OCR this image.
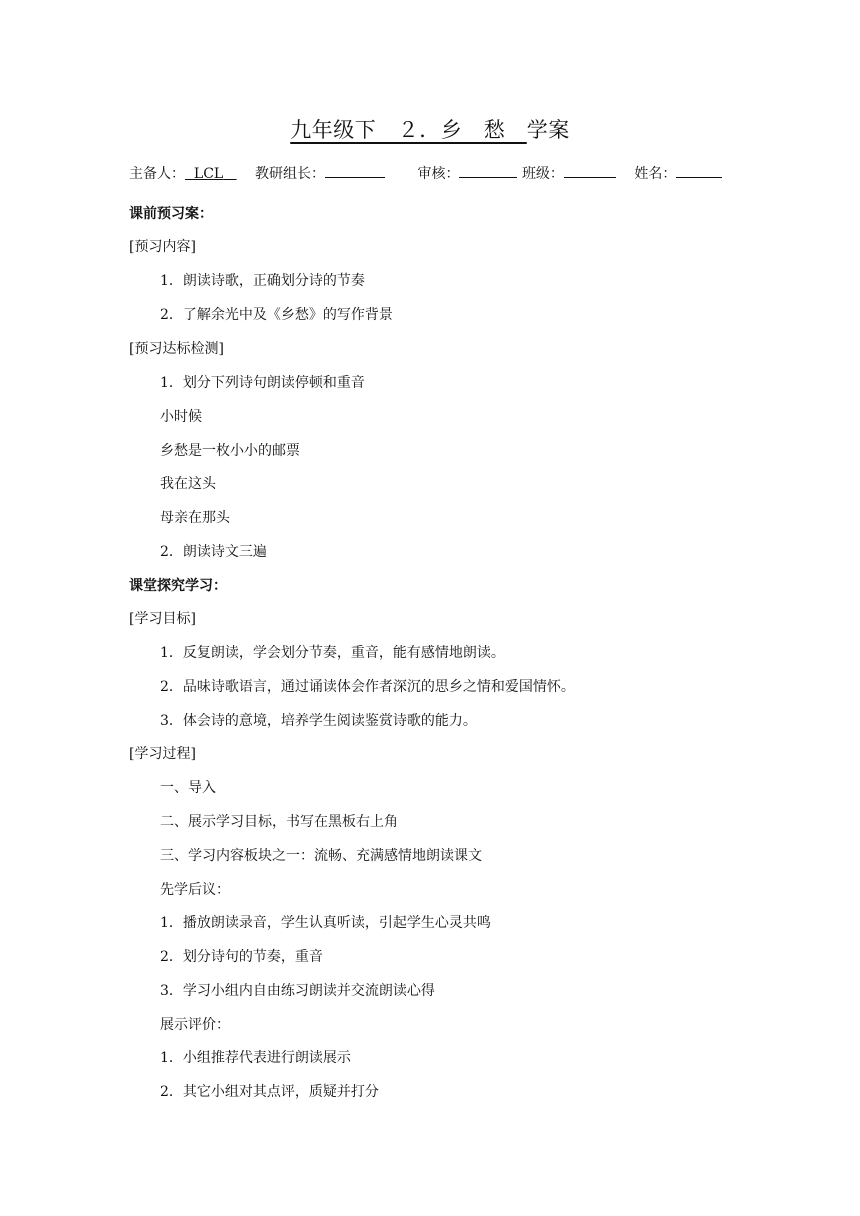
九年级下　２．乡　愁　学案
主备人： LCL 教研组长：	审核：	班级：	姓名：
课前预习案：
[预习内容]
1．朗读诗歌，正确划分诗的节奏
2．了解余光中及《乡愁》的写作背景
[预习达标检测]
1．划分下列诗句朗读停顿和重音
小时候
乡愁是一枚小小的邮票
我在这头
母亲在那头
2．朗读诗文三遍
课堂探究学习：
[学习目标]
1．反复朗读，学会划分节奏，重音，能有感情地朗读。
2．品味诗歌语言，通过诵读体会作者深沉的思乡之情和爱国情怀。
3．体会诗的意境，培养学生阅读鉴赏诗歌的能力。
[学习过程]
一、导入
二、展示学习目标，书写在黑板右上角
三、学习内容板块之一：流畅、充满感情地朗读课文
先学后议：
1．播放朗读录音，学生认真听读，引起学生心灵共鸣
2．划分诗句的节奏，重音
3．学习小组内自由练习朗读并交流朗读心得
展示评价：
1．小组推荐代表进行朗读展示
2．其它小组对其点评，质疑并打分
